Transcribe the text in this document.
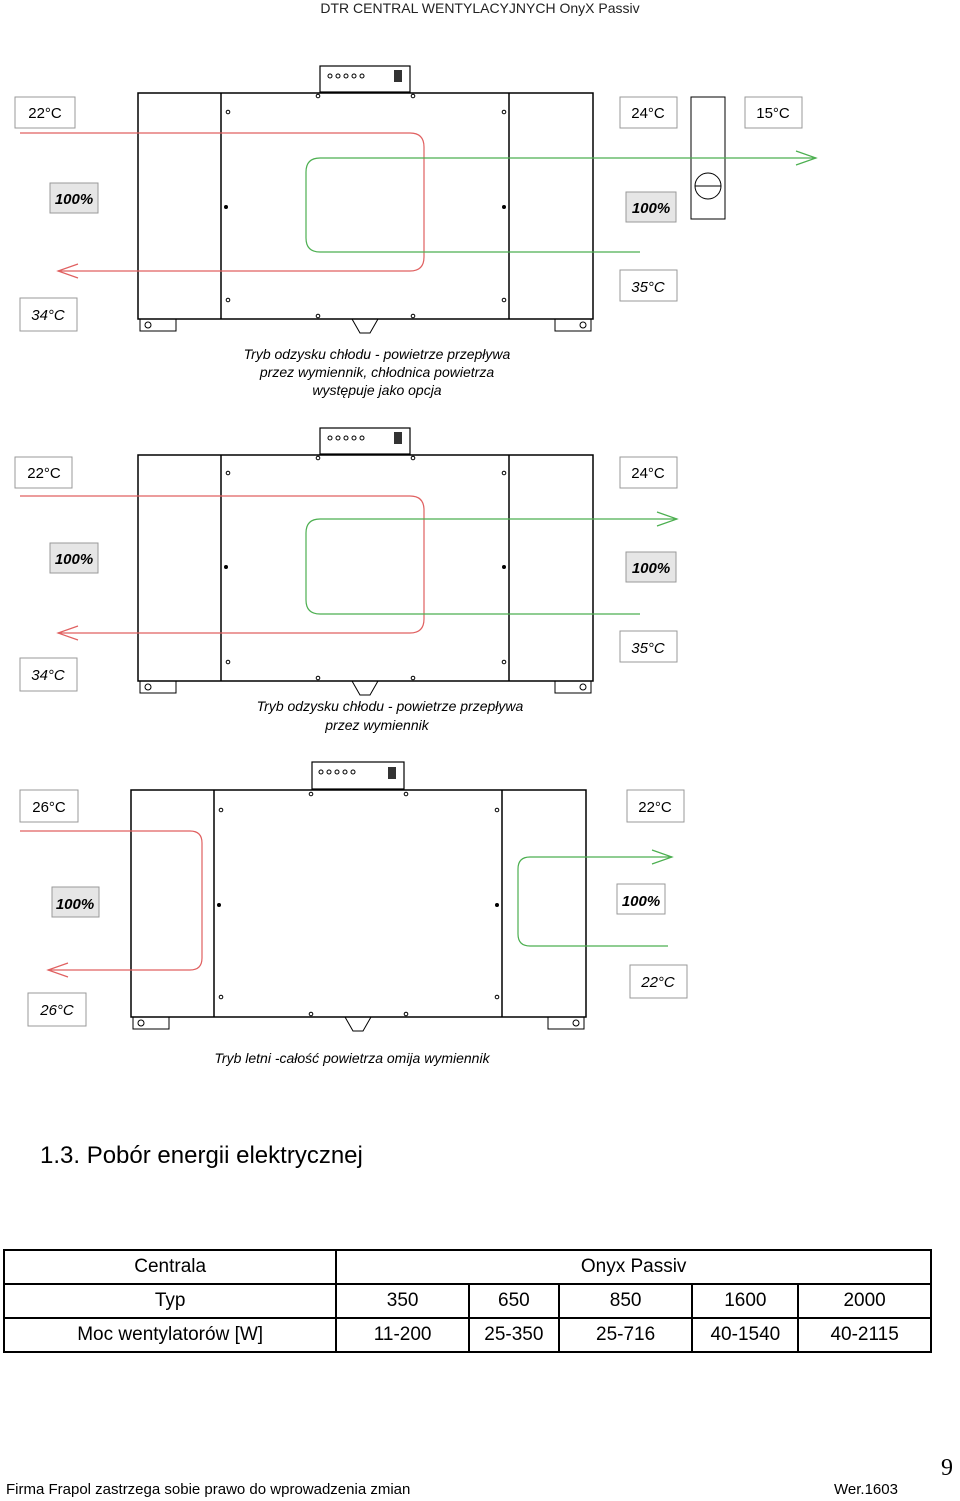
DTR CENTRAL WENTYLACYJNYCH OnyX Passiv
22°C	24°C	15°C
100%
100%
35°C
34°C
Tryb odzysku chłodu - powietrze przepływa
przez wymiennik, chłodnica powietrza
występuje jako opcja
22°C	24°C
100%
100%
35°C
34°C
Tryb odzysku chłodu - powietrze przepływa
przez wymiennik
26°C	22°C
100%	100%
22°C
26°C
Tryb letni -całość powietrza omija wymiennik
1.3. Pobór energii elektrycznej
Centrala	Onyx Passiv				
Typ	350	650	850	1600	2000
Moc wentylatorów [W]	11-200	25-350	25-716	40-1540	40-2115
Firma Frapol zastrzega sobie prawo do wprowadzenia zmian	Wer.1603
9
